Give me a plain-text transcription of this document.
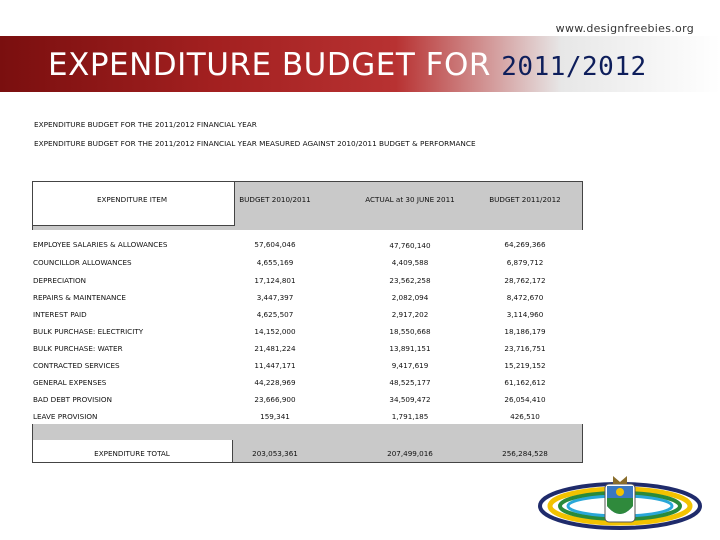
www.designfreebies.org
EXPENDITURE BUDGET FOR 2011/2012
EXPENDITURE BUDGET FOR THE 2011/2012 FINANCIAL YEAR
EXPENDITURE BUDGET FOR THE 2011/2012 FINANCIAL YEAR MEASURED AGAINST 2010/2011 BUDGET & PERFORMANCE
EXPENDITURE ITEM	BUDGET 2010/2011	ACTUAL at 30 JUNE 2011	BUDGET 2011/2012
EMPLOYEE SALARIES & ALLOWANCES	57,604,046	47,760,140	64,269,366
COUNCILLOR ALLOWANCES	4,655,169	4,409,588	6,879,712
DEPRECIATION	17,124,801	23,562,258	28,762,172
REPAIRS & MAINTENANCE	3,447,397	2,082,094	8,472,670
INTEREST PAID	4,625,507	2,917,202	3,114,960
BULK PURCHASE: ELECTRICITY	14,152,000	18,550,668	18,186,179
BULK PURCHASE: WATER	21,481,224	13,891,151	23,716,751
CONTRACTED SERVICES	11,447,171	9,417,619	15,219,152
GENERAL EXPENSES	44,228,969	48,525,177	61,162,612
BAD DEBT PROVISION	23,666,900	34,509,472	26,054,410
LEAVE PROVISION	159,341	1,791,185	426,510
EXPENDITURE TOTAL	203,053,361	207,499,016	256,284,528
